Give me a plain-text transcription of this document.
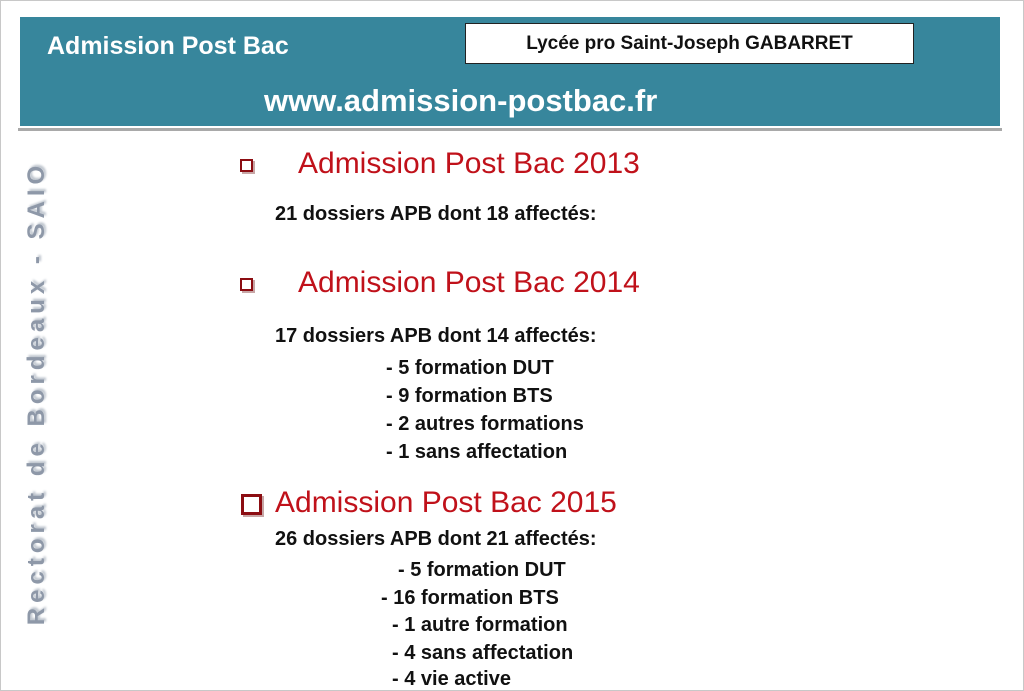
Admission Post Bac	Lycée pro Saint-Joseph GABARRET
www.admission-postbac.fr
Rectorat de Bordeaux - SAIO	Admission Post Bac 2013
21 dossiers APB dont 18 affectés:
Admission Post Bac 2014
17 dossiers APB dont 14 affectés:
- 5 formation DUT
- 9 formation BTS
- 2 autres formations
- 1 sans affectation
Admission Post Bac 2015
26 dossiers APB dont 21 affectés:
- 5 formation DUT
- 16 formation BTS
- 1 autre formation
- 4 sans affectation
- 4 vie active
